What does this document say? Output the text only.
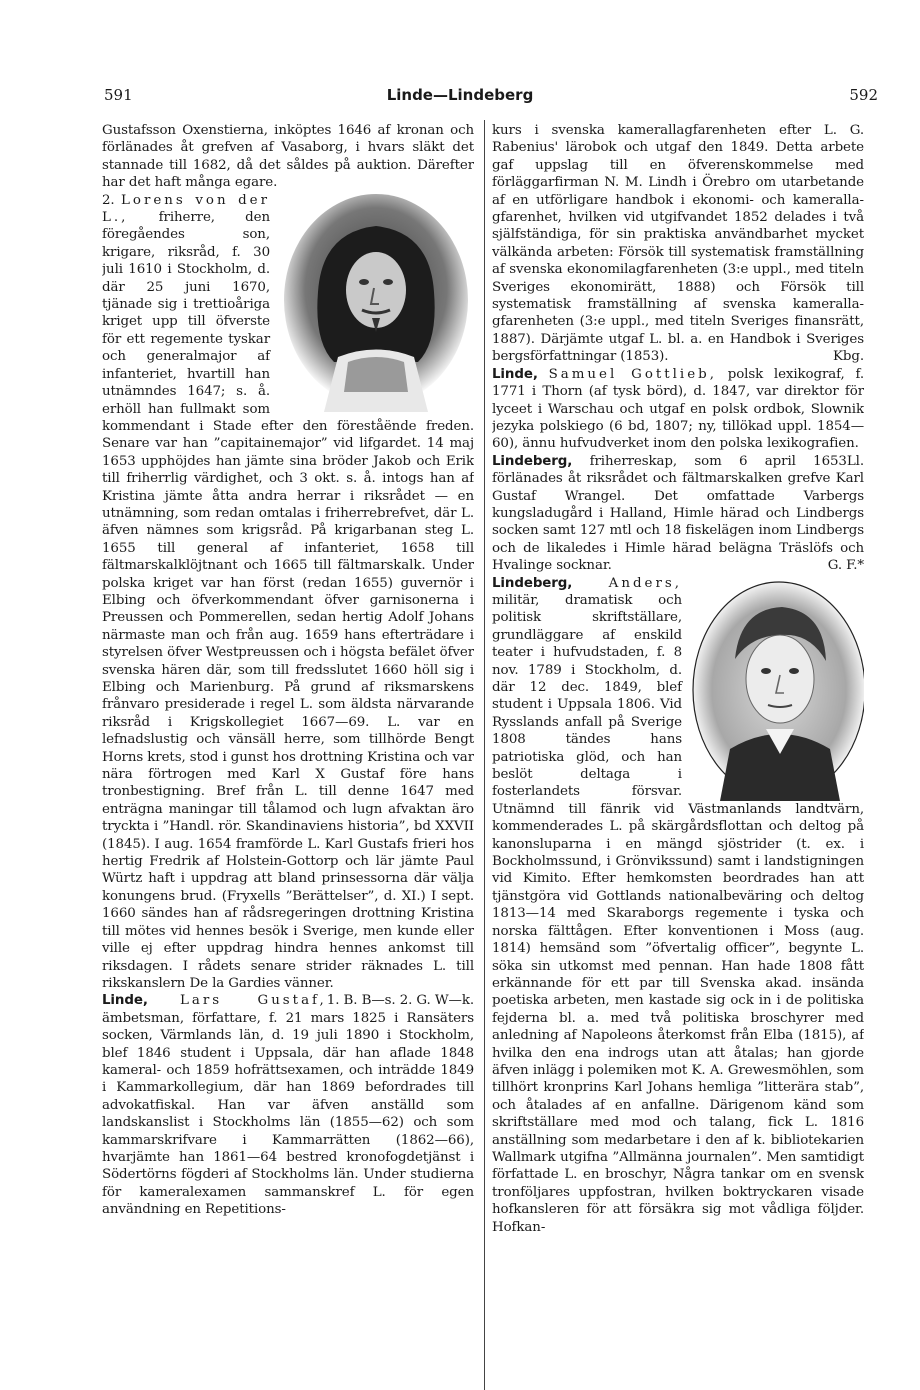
591	Linde—Lindeberg	592

Gustafsson Oxenstierna, inköptes 1646 af kronan och förlänades åt grefven af Vasaborg, i hvars släkt det stannade till 1682, då det såldes på auktion. Därefter har det haft många egare.

2. Lorens von der L., friherre, den föregåendes son, krigare, riksråd, f. 30 juli 1610 i Stockholm, d. där 25 juni 1670, tjänade sig i trettioåriga kriget upp till öfverste för ett regemente tyskar och generalmajor af infanteriet, hvartill han utnämndes 1647; s. å. erhöll han fullmakt som kommendant i Stade efter den föreståënde freden. Senare var han ”capitainemajor” vid lifgardet. 14 maj 1653 upphöjdes han jämte sina bröder Jakob och Erik till friherrlig värdighet, och 3 okt. s. å. intogs han af Kristina jämte åtta andra herrar i riksrådet — en utnämning, som redan omtalas i friherrebrefvet, där L. äfven nämnes som krigsråd. På krigarbanan steg L. 1655 till general af infanteriet, 1658 till fältmarskalklöjtnant och 1665 till fältmarskalk. Under polska kriget var han först (redan 1655) guvernör i Elbing och öfverkommendant öfver garnisonerna i Preussen och Pommerellen, sedan hertig Adolf Johans närmaste man och från aug. 1659 hans efterträdare i styrelsen öfver Westpreussen och i högsta befälet öfver svenska hären där, som till fredsslutet 1660 höll sig i Elbing och Marienburg. På grund af riksmarskens frånvaro presiderade i regel L. som äldsta närvarande riksråd i Krigskollegiet 1667—69. L. var en lefnadslustig och vänsäll herre, som tillhörde Bengt Horns krets, stod i gunst hos drottning Kristina och var nära förtrogen med Karl X Gustaf före hans tronbestigning. Bref från L. till denne 1647 med enträgna maningar till tålamod och lugn afvaktan äro tryckta i ”Handl. rör. Skandinaviens historia”, bd XXVII (1845). I aug. 1654 framförde L. Karl Gustafs frieri hos hertig Fredrik af Holstein-Gottorp och lär jämte Paul Würtz haft i uppdrag att bland prinsessorna där välja konungens brud. (Fryxells ”Berättelser”, d. XI.) I sept. 1660 sändes han af rådsregeringen drottning Kristina till mötes vid hennes besök i Sverige, men kunde eller ville ej efter uppdrag hindra hennes ankomst till riksdagen. I rådets senare strider räknades L. till rikskanslern De la Gardies vänner.
1. B. B—s. 2. G. W—k.

Linde, Lars Gustaf, ämbetsman, författare, f. 21 mars 1825 i Ransäters socken, Värmlands län, d. 19 juli 1890 i Stockholm, blef 1846 student i Uppsala, där han aflade 1848 kameral- och 1859 hofrättsexamen, och inträdde 1849 i Kammarkollegium, där han 1869 befordrades till advokatfiskal. Han var äfven anställd som landskanslist i Stockholms län (1855—62) och som kammarskrifvare i Kammarrätten (1862—66), hvarjämte han 1861—64 bestred kronofogdetjänst i Södertörns fögderi af Stockholms län. Under studierna för kameralexamen sammanskref L. för egen användning en Repetitions-

kurs i svenska kamerallagfarenheten efter L. G. Rabenius' lärobok och utgaf den 1849. Detta arbete gaf uppslag till en öfverenskommelse med förläggarfirman N. M. Lindh i Örebro om utarbetande af en utförligare handbok i ekonomi- och kamerallagfarenhet, hvilken vid utgifvandet 1852 delades i två själfständiga, för sin praktiska användbarhet mycket välkända arbeten: Försök till systematisk framställning af svenska ekonomilagfarenheten (3:e uppl., med titeln Sveriges ekonomirätt, 1888) och Försök till systematisk framställning af svenska kamerallagfarenheten (3:e uppl., med titeln Sveriges finansrätt, 1887). Därjämte utgaf L. bl. a. en Handbok i Sveriges bergsförfattningar (1853).	Kbg.

Linde, Samuel Gottlieb, polsk lexikograf, f. 1771 i Thorn (af tysk börd), d. 1847, var direktor för lyceet i Warschau och utgaf en polsk ordbok, Slownik jezyka polskiego (6 bd, 1807; ny, tillökad uppl. 1854—60), ännu hufvudverket inom den polska lexikografien.
Ll.

Lindeberg, friherreskap, som 6 april 1653 förlänades åt riksrådet och fältmarskalken grefve Karl Gustaf Wrangel. Det omfattade Varbergs kungsladugård i Halland, Himle härad och Lindbergs socken samt 127 mtl och 18 fiskelägen inom Lindbergs och de likaledes i Himle härad belägna Träslöfs och Hvalinge socknar.	G. F.*

Lindeberg,	Anders,
militär, dramatisk och politisk skriftställare, grundläggare af enskild teater i hufvudstaden, f. 8 nov. 1789 i Stockholm, d. där 12 dec. 1849, blef student i Uppsala 1806. Vid Rysslands anfall på Sverige 1808 tändes hans patriotiska glöd, och han beslöt deltaga i fosterlandets försvar. Utnämnd till fänrik vid Västmanlands landtvärn, kommenderades L. på skärgårdsflottan och deltog på kanonsluparna i en mängd sjöstrider (t. ex. i Bockholmssund, i Grönvikssund) samt i landstigningen vid Kimito. Efter hemkomsten beordrades han att tjänstgöra vid Gottlands nationalbeväring och deltog 1813—14 med Skaraborgs regemente i tyska och norska fälttågen. Efter konventionen i Moss (aug. 1814) hemsänd som ”öfvertalig officer”, begynte L. söka sin utkomst med pennan. Han hade 1808 fått erkännande för ett par till Svenska akad. insända poetiska arbeten, men kastade sig ock in i de politiska fejderna bl. a. med två politiska broschyrer med anledning af Napoleons återkomst från Elba (1815), af hvilka den ena indrogs utan att åtalas; han gjorde äfven inlägg i polemiken mot K. A. Grewesmöhlen, som tillhört kronprins Karl Johans hemliga ”litterära stab”, och åtalades af en anfallne. Därigenom känd som skriftställare med mod och talang, fick L. 1816 anställning som medarbetare i den af k. bibliotekarien Wallmark utgifna ”Allmänna journalen”. Men samtidigt författade L. en broschyr, Några tankar om en svensk tronföljares uppfostran, hvilken boktryckaren visade hofkansleren för att försäkra sig mot vådliga följder. Hofkan-
